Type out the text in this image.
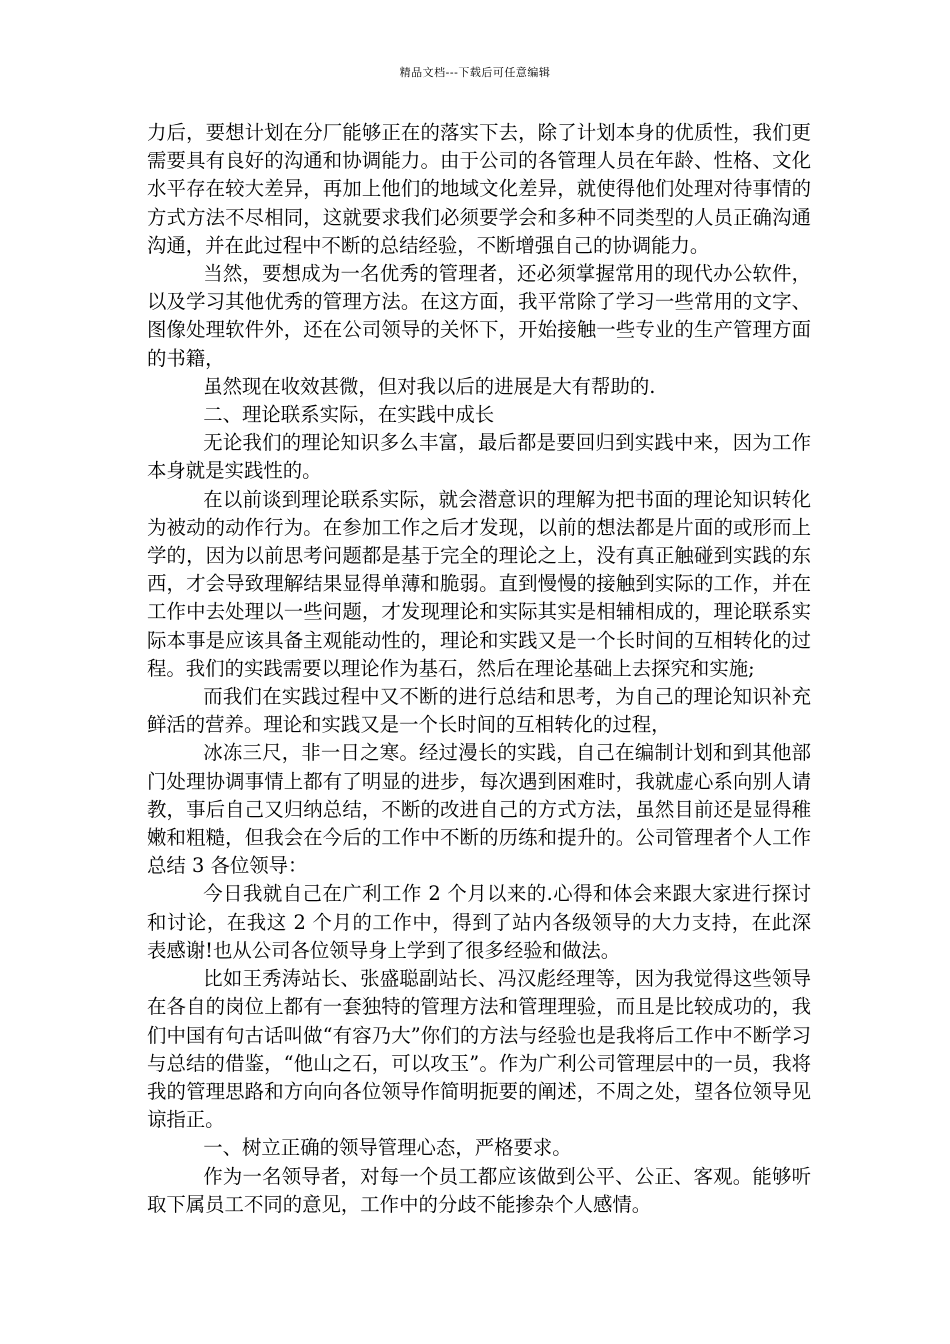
精品文档---下载后可任意编辑

力后，要想计划在分厂能够正在的落实下去，除了计划本身的优质性，我们更需要具有良好的沟通和协调能力。由于公司的各管理人员在年龄、性格、文化水平存在较大差异，再加上他们的地域文化差异，就使得他们处理对待事情的方式方法不尽相同，这就要求我们必须要学会和多种不同类型的人员正确沟通沟通，并在此过程中不断的总结经验，不断增强自己的协调能力。

当然，要想成为一名优秀的管理者，还必须掌握常用的现代办公软件，以及学习其他优秀的管理方法。在这方面，我平常除了学习一些常用的文字、图像处理软件外，还在公司领导的关怀下，开始接触一些专业的生产管理方面的书籍，

虽然现在收效甚微，但对我以后的进展是大有帮助的.

二、理论联系实际，在实践中成长

无论我们的理论知识多么丰富，最后都是要回归到实践中来，因为工作本身就是实践性的。

在以前谈到理论联系实际，就会潜意识的理解为把书面的理论知识转化为被动的动作行为。在参加工作之后才发现，以前的想法都是片面的或形而上学的，因为以前思考问题都是基于完全的理论之上，没有真正触碰到实践的东西，才会导致理解结果显得单薄和脆弱。直到慢慢的接触到实际的工作，并在工作中去处理以一些问题，才发现理论和实际其实是相辅相成的，理论联系实际本事是应该具备主观能动性的，理论和实践又是一个长时间的互相转化的过程。我们的实践需要以理论作为基石，然后在理论基础上去探究和实施;

而我们在实践过程中又不断的进行总结和思考，为自己的理论知识补充鲜活的营养。理论和实践又是一个长时间的互相转化的过程，

冰冻三尺，非一日之寒。经过漫长的实践，自己在编制计划和到其他部门处理协调事情上都有了明显的进步，每次遇到困难时，我就虚心系向别人请教，事后自己又归纳总结，不断的改进自己的方式方法，虽然目前还是显得稚嫩和粗糙，但我会在今后的工作中不断的历练和提升的。公司管理者个人工作总结 3 各位领导：

今日我就自己在广利工作 2 个月以来的.心得和体会来跟大家进行探讨和讨论，在我这 2 个月的工作中，得到了站内各级领导的大力支持，在此深表感谢!也从公司各位领导身上学到了很多经验和做法。

比如王秀涛站长、张盛聪副站长、冯汉彪经理等，因为我觉得这些领导在各自的岗位上都有一套独特的管理方法和管理理验，而且是比较成功的，我们中国有句古话叫做“有容乃大”你们的方法与经验也是我将后工作中不断学习与总结的借鉴，“他山之石，可以攻玉”。作为广利公司管理层中的一员，我将我的管理思路和方向向各位领导作简明扼要的阐述，不周之处，望各位领导见谅指正。

一、树立正确的领导管理心态，严格要求。

作为一名领导者，对每一个员工都应该做到公平、公正、客观。能够听取下属员工不同的意见，工作中的分歧不能掺杂个人感情。
